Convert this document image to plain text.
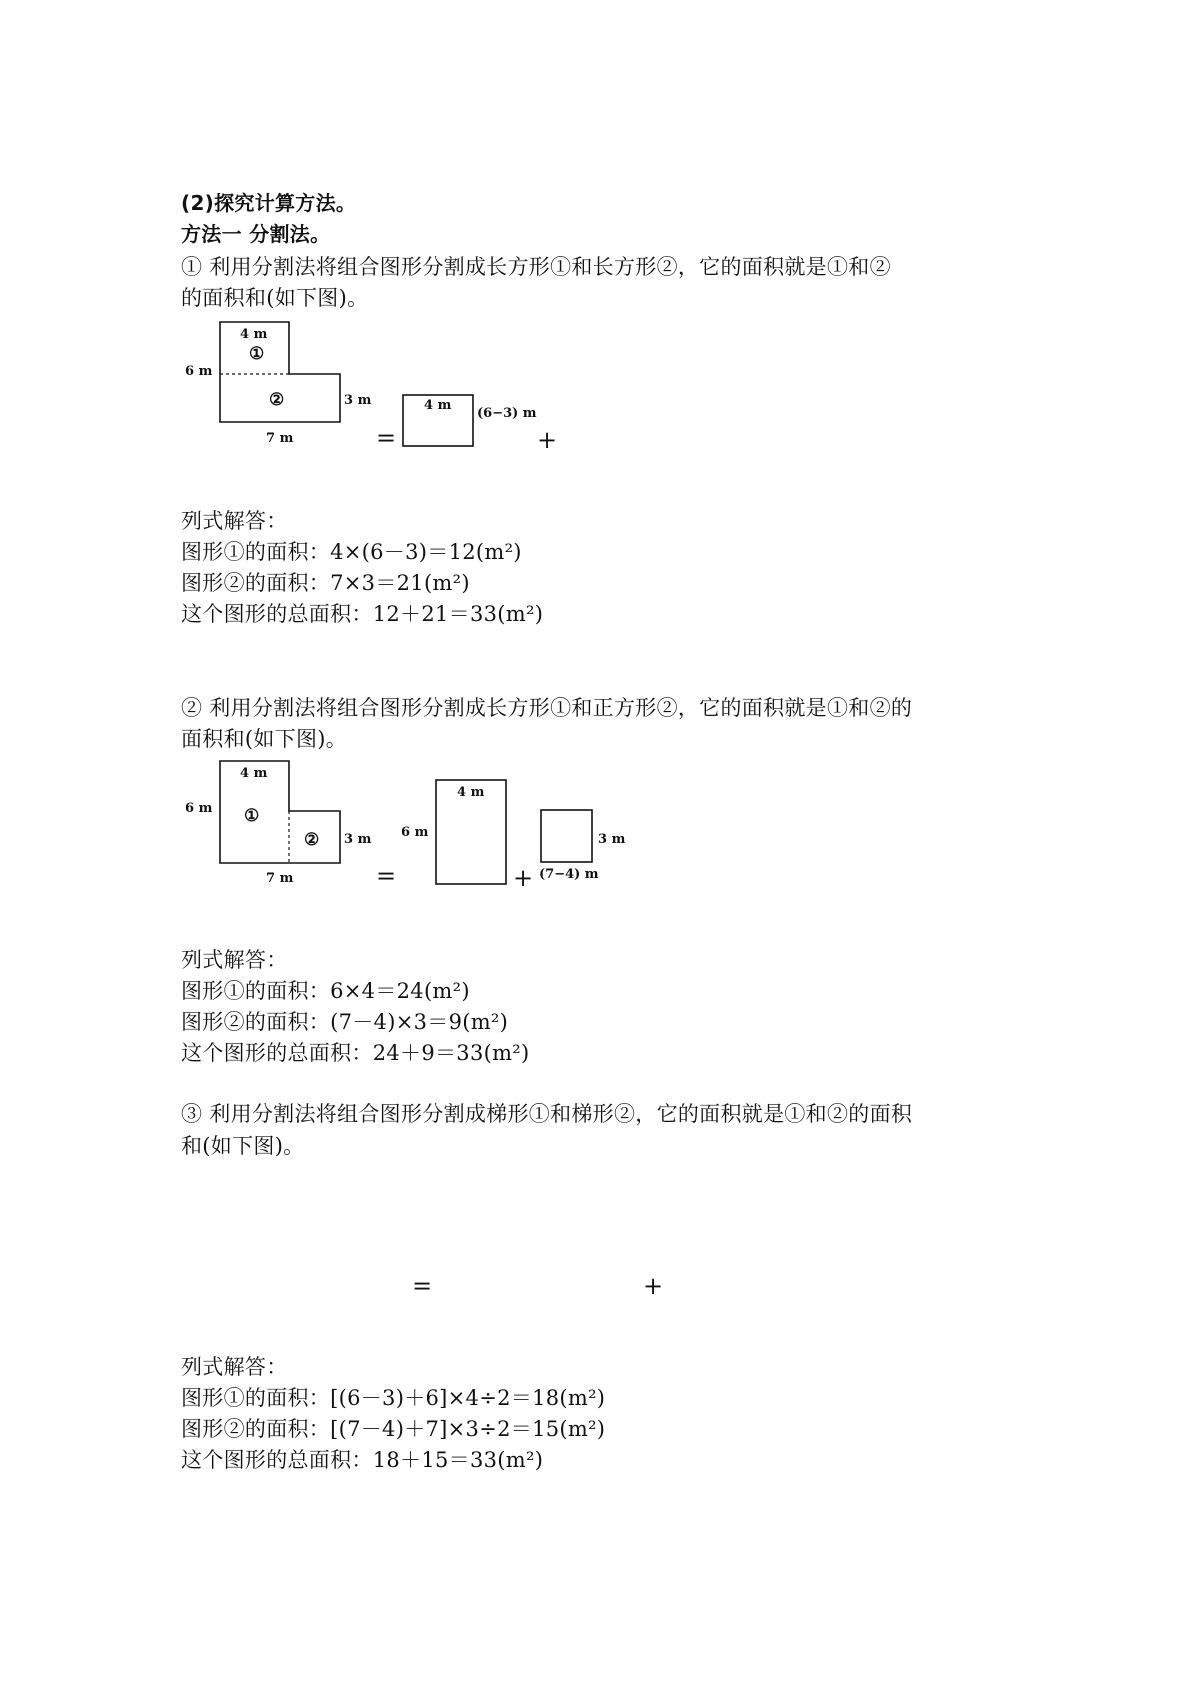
(2)探究计算方法。
方法一 分割法。
① 利用分割法将组合图形分割成长方形①和长方形②，它的面积就是①和②
的面积和(如下图)。
4 m
6 m
3 m
7 m
①
②
=
4 m
(6−3) m
+
列式解答：
图形①的面积：4×(6－3)＝12(m²)
图形②的面积：7×3＝21(m²)
这个图形的总面积：12＋21＝33(m²)
② 利用分割法将组合图形分割成长方形①和正方形②，它的面积就是①和②的
面积和(如下图)。
4 m
6 m
3 m
7 m
①
②
=
4 m
6 m
+
3 m
(7−4) m
列式解答：
图形①的面积：6×4＝24(m²)
图形②的面积：(7－4)×3＝9(m²)
这个图形的总面积：24＋9＝33(m²)
③ 利用分割法将组合图形分割成梯形①和梯形②，它的面积就是①和②的面积
和(如下图)。
=	+
列式解答：
图形①的面积：[(6－3)＋6]×4÷2＝18(m²)
图形②的面积：[(7－4)＋7]×3÷2＝15(m²)
这个图形的总面积：18＋15＝33(m²)
